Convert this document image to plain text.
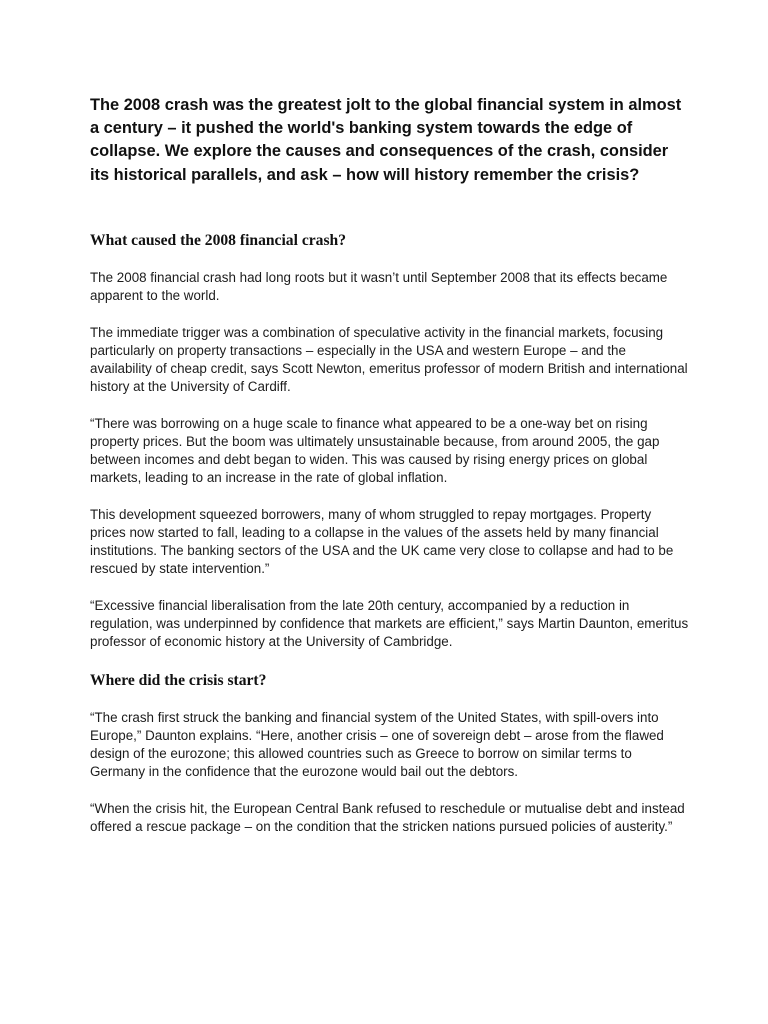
The 2008 crash was the greatest jolt to the global financial system in almost a century – it pushed the world's banking system towards the edge of collapse. We explore the causes and consequences of the crash, consider its historical parallels, and ask – how will history remember the crisis?

What caused the 2008 financial crash?

The 2008 financial crash had long roots but it wasn’t until September 2008 that its effects became apparent to the world.

The immediate trigger was a combination of speculative activity in the financial markets, focusing particularly on property transactions – especially in the USA and western Europe – and the availability of cheap credit, says Scott Newton, emeritus professor of modern British and international history at the University of Cardiff.

“There was borrowing on a huge scale to finance what appeared to be a one-way bet on rising property prices. But the boom was ultimately unsustainable because, from around 2005, the gap between incomes and debt began to widen. This was caused by rising energy prices on global markets, leading to an increase in the rate of global inflation.

This development squeezed borrowers, many of whom struggled to repay mortgages. Property prices now started to fall, leading to a collapse in the values of the assets held by many financial institutions. The banking sectors of the USA and the UK came very close to collapse and had to be rescued by state intervention.”

“Excessive financial liberalisation from the late 20th century, accompanied by a reduction in regulation, was underpinned by confidence that markets are efficient,” says Martin Daunton, emeritus professor of economic history at the University of Cambridge.

Where did the crisis start?

“The crash first struck the banking and financial system of the United States, with spill-overs into Europe,” Daunton explains. “Here, another crisis – one of sovereign debt – arose from the flawed design of the eurozone; this allowed countries such as Greece to borrow on similar terms to Germany in the confidence that the eurozone would bail out the debtors.

“When the crisis hit, the European Central Bank refused to reschedule or mutualise debt and instead offered a rescue package – on the condition that the stricken nations pursued policies of austerity.”
